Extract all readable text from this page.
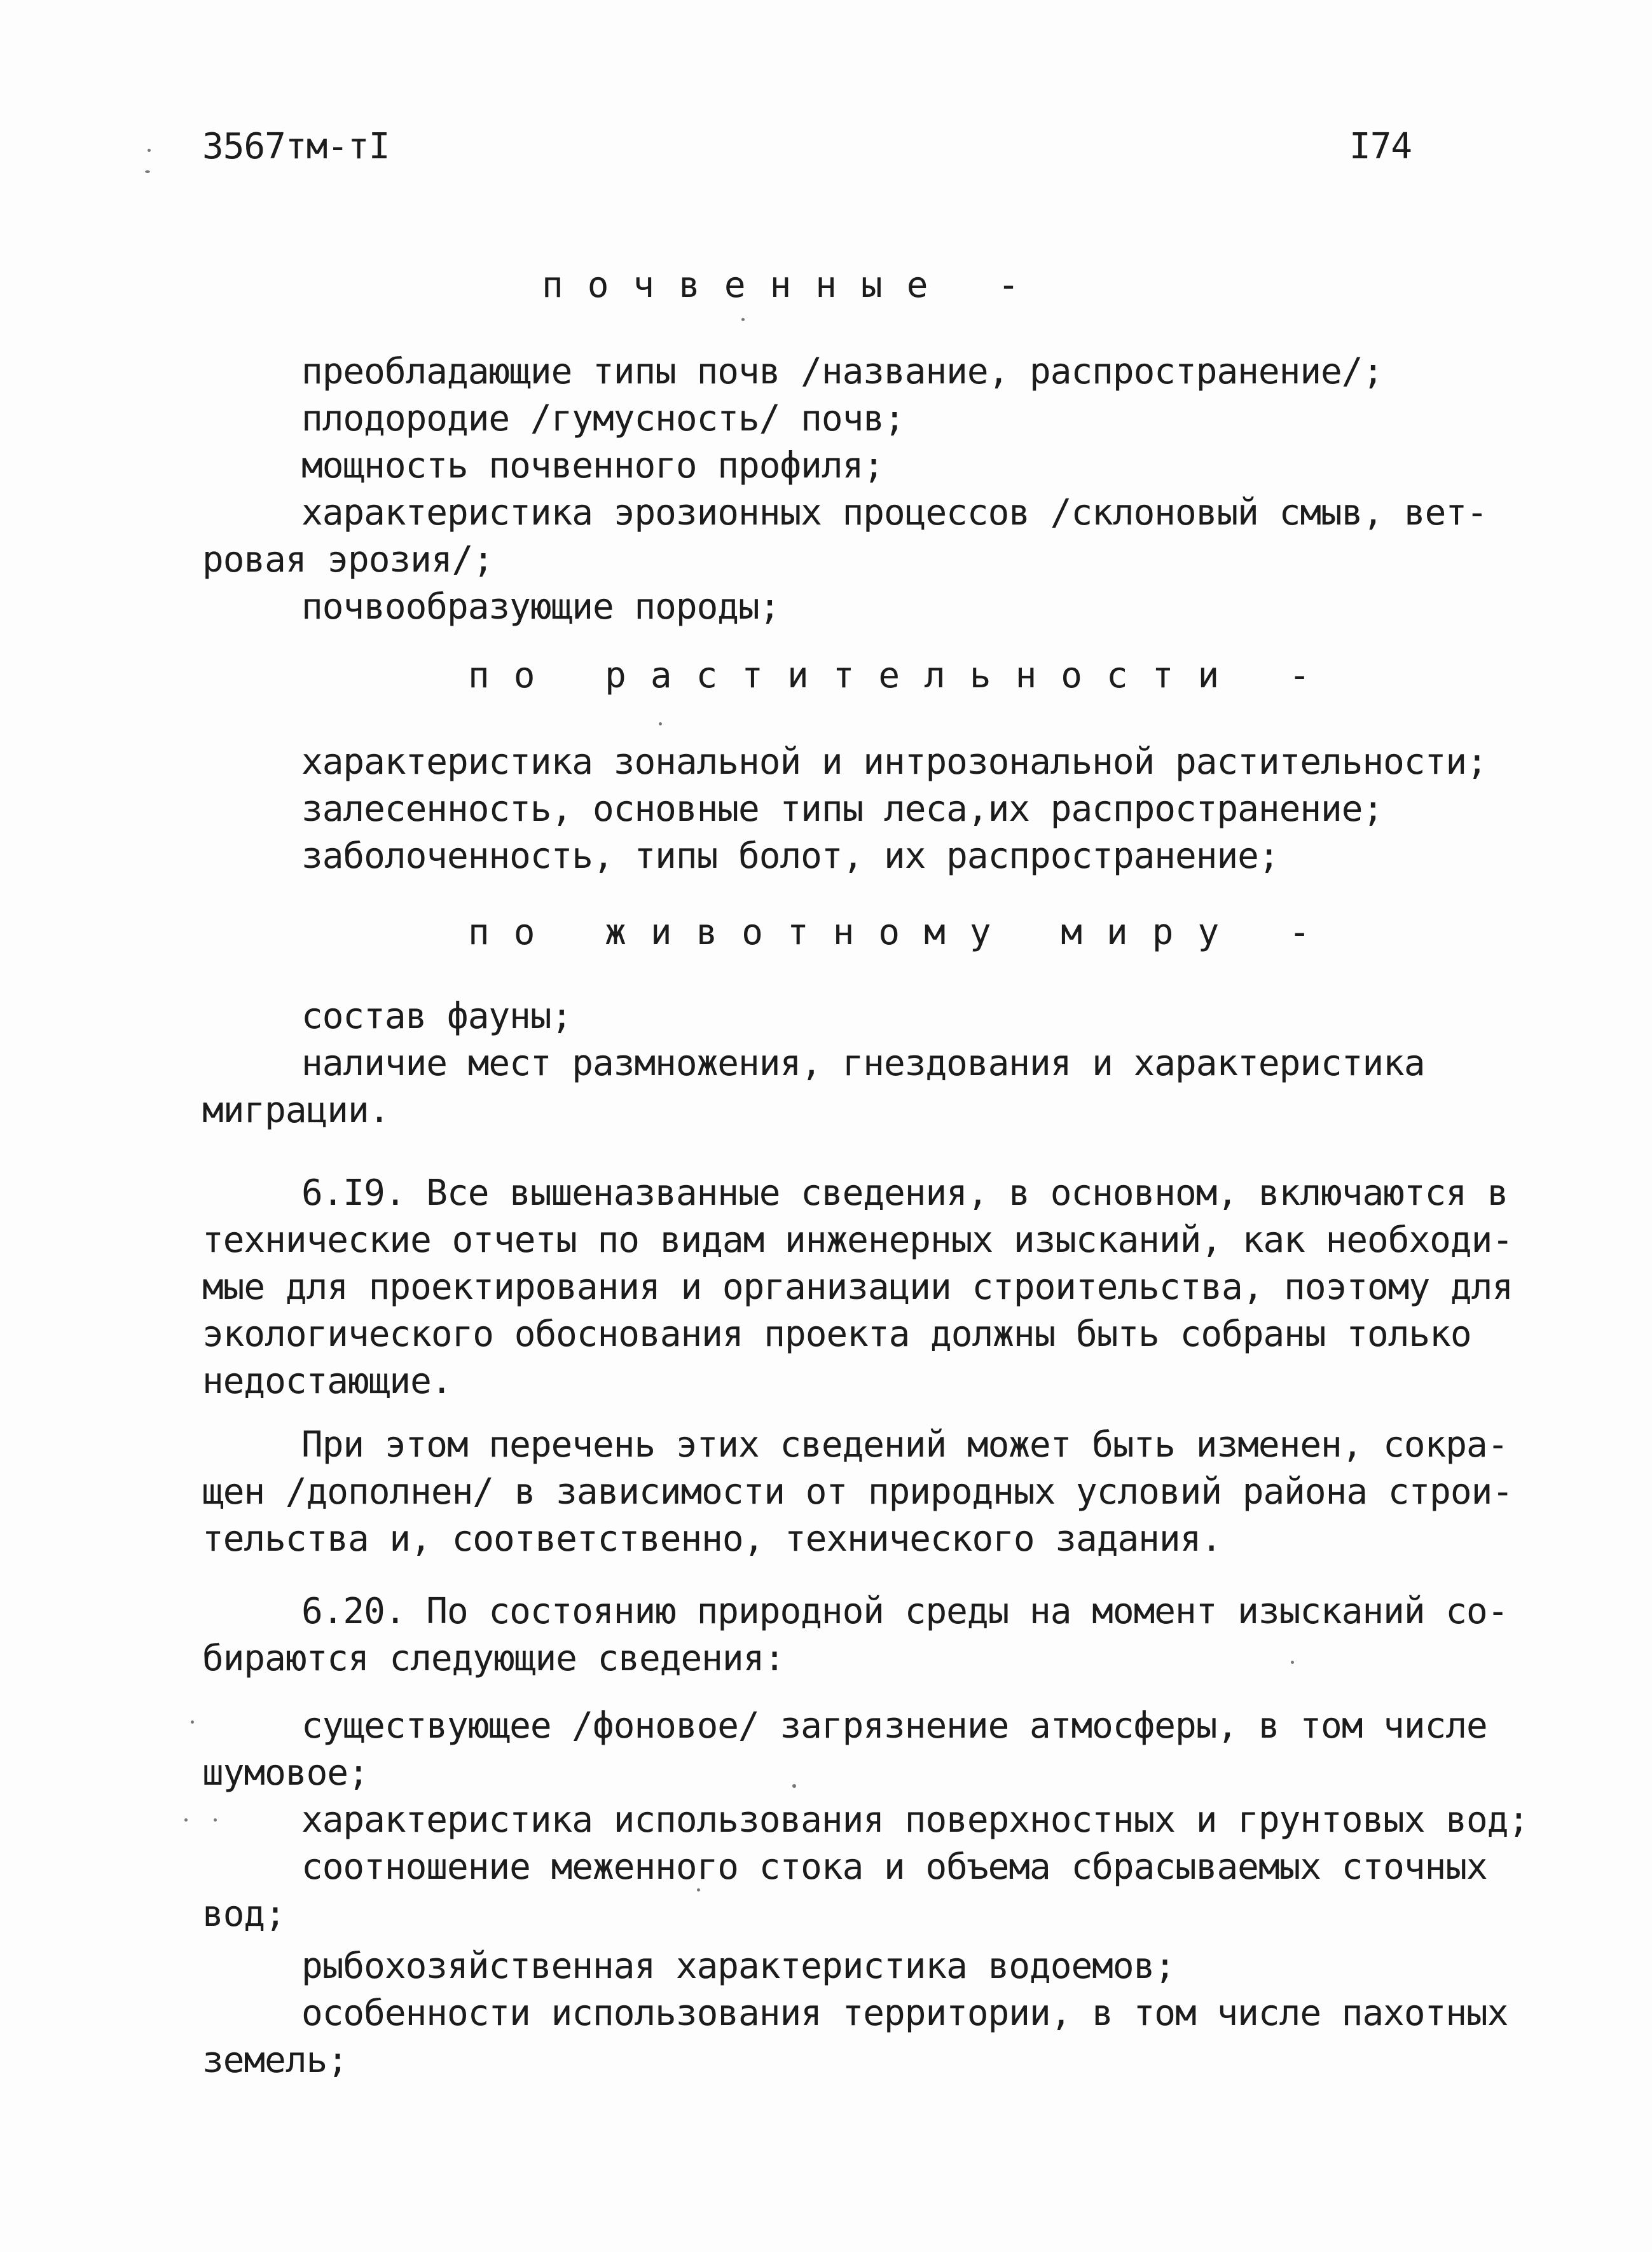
3567тм-тI	I74
почвенные -
преобладающие типы почв /название, распространение/;
плодородие /гумусность/ почв;
мощность почвенного профиля;
характеристика эрозионных процессов /склоновый смыв, вет-
ровая эрозия/;
почвообразующие породы;
по растительности -
характеристика зональной и интрозональной растительности;
залесенность, основные типы леса,их распространение;
заболоченность, типы болот, их распространение;
по животному миру -
состав фауны;
наличие мест размножения, гнездования и характеристика
миграции.
6.I9. Все вышеназванные сведения, в основном, включаются в
технические отчеты по видам инженерных изысканий, как необходи-
мые для проектирования и организации строительства, поэтому для
экологического обоснования проекта должны быть собраны только
недостающие.
При этом перечень этих сведений может быть изменен, сокра-
щен /дополнен/ в зависимости от природных условий района строи-
тельства и, соответственно, технического задания.
6.20. По состоянию природной среды на момент изысканий со-
бираются следующие сведения:
существующее /фоновое/ загрязнение атмосферы, в том числе
шумовое;
характеристика использования поверхностных и грунтовых вод;
соотношение меженного стока и объема сбрасываемых сточных
вод;
рыбохозяйственная характеристика водоемов;
особенности использования территории, в том числе пахотных
земель;
